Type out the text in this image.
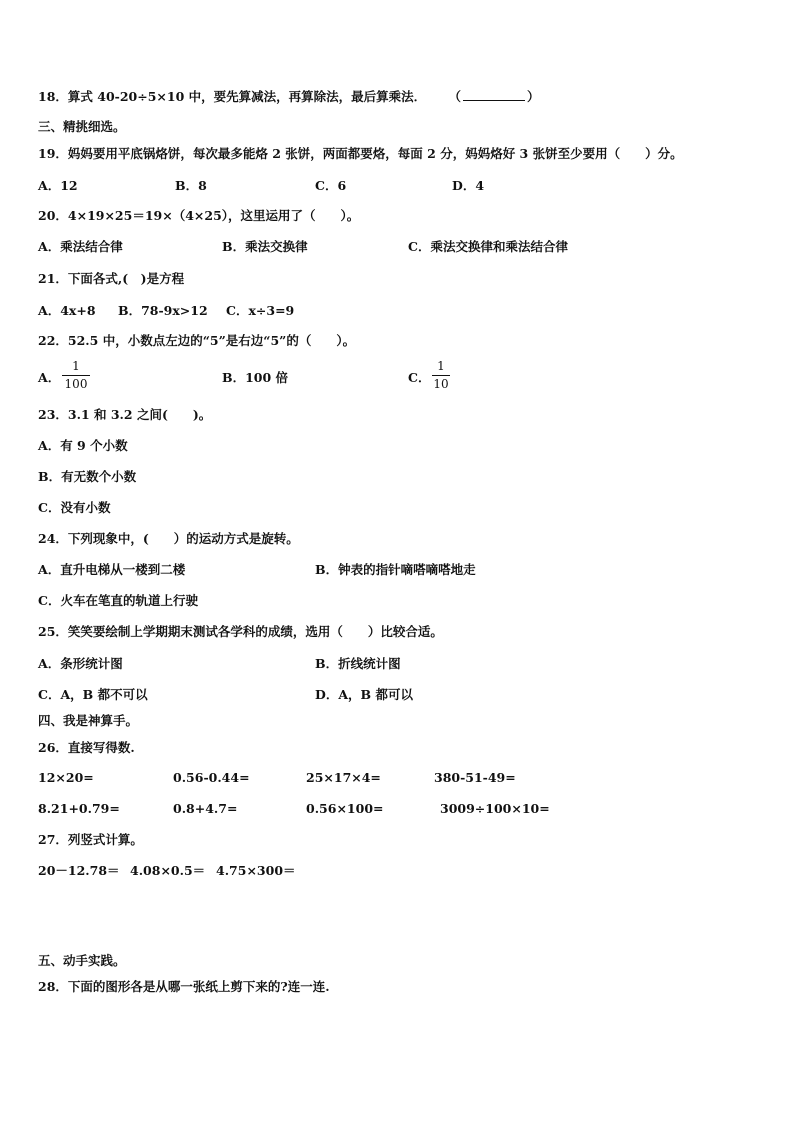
18．算式 40-20÷5×10 中，要先算减法，再算除法，最后算乘法． （	）
三、精挑细选。
19．妈妈要用平底锅烙饼，每次最多能烙 2 张饼，两面都要烙，每面 2 分，妈妈烙好 3 张饼至少要用（　　）分。
A．12	B．8	C．6	D．4
20．4×19×25＝19×（4×25），这里运用了（　　）。
A．乘法结合律	B．乘法交换律	C．乘法交换律和乘法结合律
21．下面各式,(　)是方程
A．4x+8 B．78-9x>12 C．x÷3=9
22．52.5 中，小数点左边的“5”是右边“5”的（　　）。
A．
1
100	B．100 倍	C．
1
10
23．3.1 和 3.2 之间(　　)。
A．有 9 个小数
B．有无数个小数
C．没有小数
24．下列现象中，(　　）的运动方式是旋转。
A．直升电梯从一楼到二楼	B．钟表的指针嘀嗒嘀嗒地走
C．火车在笔直的轨道上行驶
25．笑笑要绘制上学期期末测试各学科的成绩，选用（　　）比较合适。
A．条形统计图	B．折线统计图
C．A，B 都不可以	D．A，B 都可以
四、我是神算手。
26．直接写得数.
12×20=	0.56-0.44=	25×17×4=	380-51-49=
8.21+0.79=	0.8+4.7=	0.56×100=	3009÷100×10=
27．列竖式计算。
20－12.78＝ 4.08×0.5＝ 4.75×300＝
五、动手实践。
28．下面的图形各是从哪一张纸上剪下来的?连一连.
